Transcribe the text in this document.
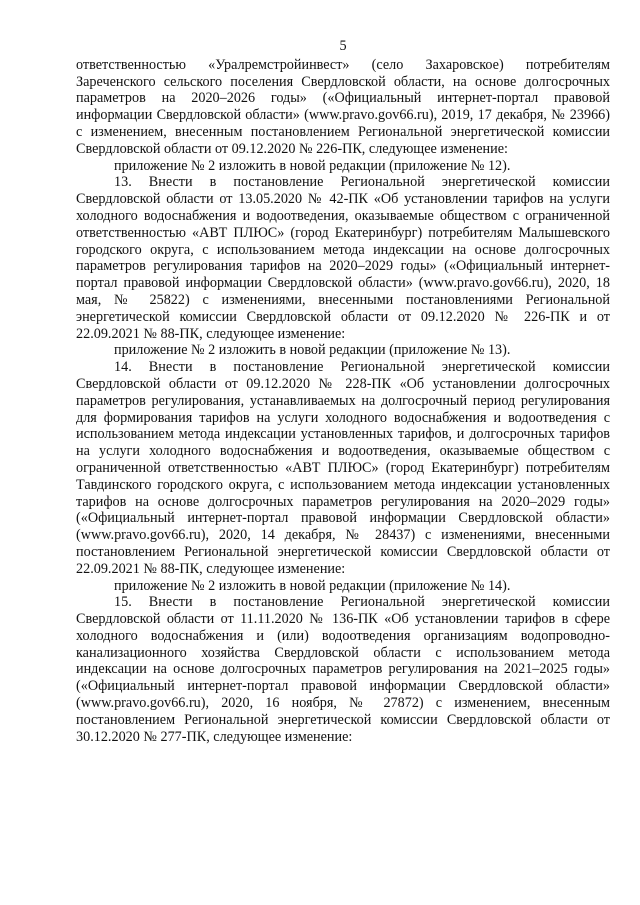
5

ответственностью «Уралремстройинвест» (село Захаровское) потребителям Зареченского сельского поселения Свердловской области, на основе долгосрочных параметров на 2020–2026 годы» («Официальный интернет-портал правовой информации Свердловской области» (www.pravo.gov66.ru), 2019, 17 декабря, № 23966) с изменением, внесенным постановлением Региональной энергетической комиссии Свердловской области от 09.12.2020 № 226-ПК, следующее изменение:

приложение № 2 изложить в новой редакции (приложение № 12).

13. Внести в постановление Региональной энергетической комиссии Свердловской области от 13.05.2020 № 42-ПК «Об установлении тарифов на услуги холодного водоснабжения и водоотведения, оказываемые обществом с ограниченной ответственностью «АВТ ПЛЮС» (город Екатеринбург) потребителям Малышевского городского округа, с использованием метода индексации на основе долгосрочных параметров регулирования тарифов на 2020–2029 годы» («Официальный интернет-портал правовой информации Свердловской области» (www.pravo.gov66.ru), 2020, 18 мая, № 25822) с изменениями, внесенными постановлениями Региональной энергетической комиссии Свердловской области от 09.12.2020 № 226-ПК и от 22.09.2021 № 88-ПК, следующее изменение:

приложение № 2 изложить в новой редакции (приложение № 13).

14. Внести в постановление Региональной энергетической комиссии Свердловской области от 09.12.2020 № 228-ПК «Об установлении долгосрочных параметров регулирования, устанавливаемых на долгосрочный период регулирования для формирования тарифов на услуги холодного водоснабжения и водоотведения с использованием метода индексации установленных тарифов, и долгосрочных тарифов на услуги холодного водоснабжения и водоотведения, оказываемые обществом с ограниченной ответственностью «АВТ ПЛЮС» (город Екатеринбург) потребителям Тавдинского городского округа, с использованием метода индексации установленных тарифов на основе долгосрочных параметров регулирования на 2020–2029 годы» («Официальный интернет-портал правовой информации Свердловской области» (www.pravo.gov66.ru), 2020, 14 декабря, № 28437) с изменениями, внесенными постановлением Региональной энергетической комиссии Свердловской области от 22.09.2021 № 88-ПК, следующее изменение:

приложение № 2 изложить в новой редакции (приложение № 14).

15. Внести в постановление Региональной энергетической комиссии Свердловской области от 11.11.2020 № 136-ПК «Об установлении тарифов в сфере холодного водоснабжения и (или) водоотведения организациям водопроводно-канализационного хозяйства Свердловской области с использованием метода индексации на основе долгосрочных параметров регулирования на 2021–2025 годы» («Официальный интернет-портал правовой информации Свердловской области» (www.pravo.gov66.ru), 2020, 16 ноября, № 27872) с изменением, внесенным постановлением Региональной энергетической комиссии Свердловской области от 30.12.2020 № 277-ПК, следующее изменение:
